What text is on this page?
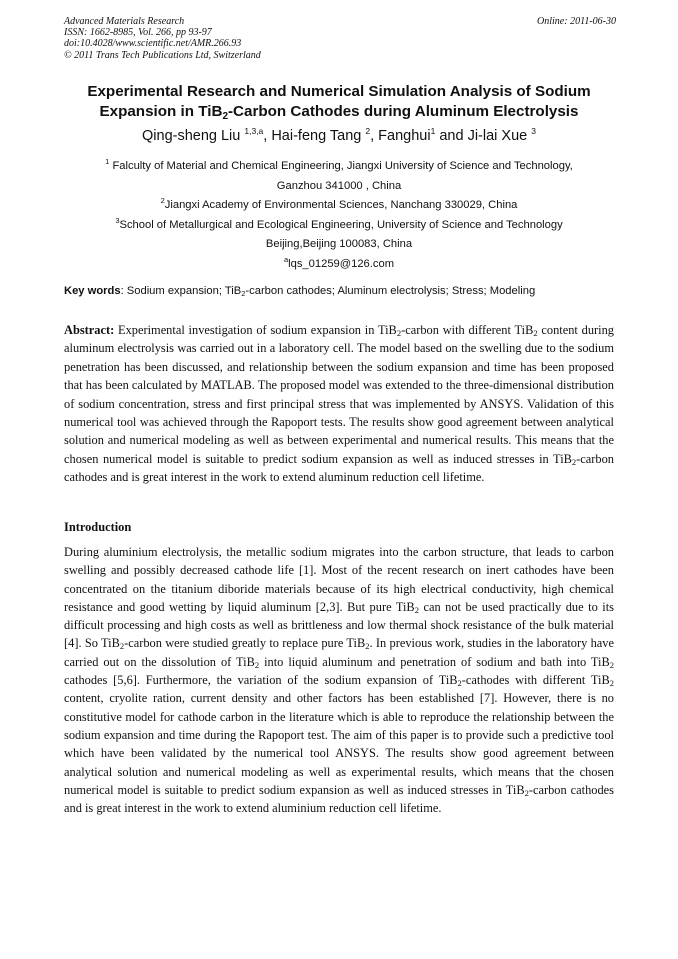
Advanced Materials Research
ISSN: 1662-8985, Vol. 266, pp 93-97
doi:10.4028/www.scientific.net/AMR.266.93
© 2011 Trans Tech Publications Ltd, Switzerland
Online: 2011-06-30
Experimental Research and Numerical Simulation Analysis of Sodium
Expansion in TiB$_2$-Carbon Cathodes during Aluminum Electrolysis
Qing-sheng Liu $^{1,3,a}$, Hai-feng Tang $^2$, Fanghui$^1$ and Ji-lai Xue $^3$
$^1$ Falculty of Material and Chemical Engineering, Jiangxi University of Science and Technology,
Ganzhou 341000 , China
$^2$Jiangxi Academy of Environmental Sciences, Nanchang 330029, China
$^3$School of Metallurgical and Ecological Engineering, University of Science and Technology
Beijing,Beijing 100083, China
$^a$lqs_01259@126.com
Key words: Sodium expansion; TiB$_2$-carbon cathodes; Aluminum electrolysis; Stress; Modeling
Abstract: Experimental investigation of sodium expansion in TiB$_2$-carbon with different TiB$_2$ content during aluminum electrolysis was carried out in a laboratory cell. The model based on the swelling due to the sodium penetration has been discussed, and relationship between the sodium expansion and time has been proposed that has been calculated by MATLAB. The proposed model was extended to the three-dimensional distribution of sodium concentration, stress and first principal stress that was implemented by ANSYS. Validation of this numerical tool was achieved through the Rapoport tests. The results show good agreement between analytical solution and numerical modeling as well as between experimental and numerical results. This means that the chosen numerical model is suitable to predict sodium expansion as well as induced stresses in TiB$_2$-carbon cathodes and is great interest in the work to extend aluminum reduction cell lifetime.
Introduction
During aluminium electrolysis, the metallic sodium migrates into the carbon structure, that leads to carbon swelling and possibly decreased cathode life [1]. Most of the recent research on inert cathodes have been concentrated on the titanium diboride materials because of its high electrical conductivity, high chemical resistance and good wetting by liquid aluminum [2,3]. But pure TiB$_2$ can not be used practically due to its difficult processing and high costs as well as brittleness and low thermal shock resistance of the bulk material [4]. So TiB$_2$-carbon were studied greatly to replace pure TiB$_2$. In previous work, studies in the laboratory have carried out on the dissolution of TiB$_2$ into liquid aluminum and penetration of sodium and bath into TiB$_2$ cathodes [5,6]. Furthermore, the variation of the sodium expansion of TiB$_2$-cathodes with different TiB$_2$ content, cryolite ration, current density and other factors has been established [7]. However, there is no constitutive model for cathode carbon in the literature which is able to reproduce the relationship between the sodium expansion and time during the Rapoport test. The aim of this paper is to provide such a predictive tool which have been validated by the numerical tool ANSYS. The results show good agreement between analytical solution and numerical modeling as well as experimental results, which means that the chosen numerical model is suitable to predict sodium expansion as well as induced stresses in TiB$_2$-carbon cathodes and is great interest in the work to extend aluminium reduction cell lifetime.
